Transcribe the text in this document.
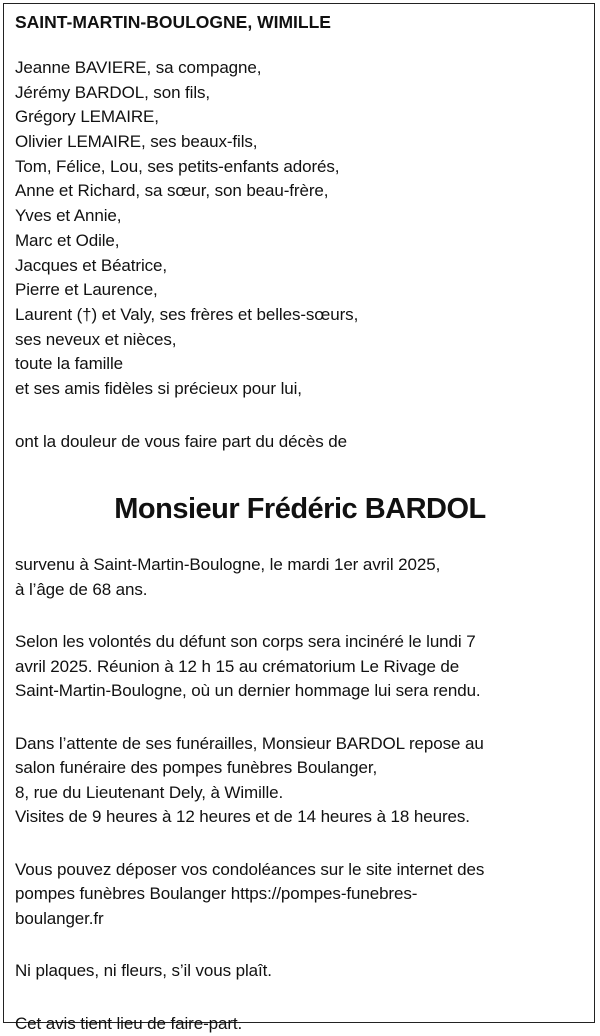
SAINT-MARTIN-BOULOGNE, WIMILLE
Jeanne BAVIERE, sa compagne,
Jérémy BARDOL, son fils,
Grégory LEMAIRE,
Olivier LEMAIRE, ses beaux-fils,
Tom, Félice, Lou, ses petits-enfants adorés,
Anne et Richard, sa sœur, son beau-frère,
Yves et Annie,
Marc et Odile,
Jacques et Béatrice,
Pierre et Laurence,
Laurent (†) et Valy, ses frères et belles-sœurs,
ses neveux et nièces,
toute la famille
et ses amis fidèles si précieux pour lui,

ont la douleur de vous faire part du décès de

Monsieur Frédéric BARDOL

survenu à Saint-Martin-Boulogne, le mardi 1er avril 2025,
à l’âge de 68 ans.

Selon les volontés du défunt son corps sera incinéré le lundi 7
avril 2025. Réunion à 12 h 15 au crématorium Le Rivage de
Saint-Martin-Boulogne, où un dernier hommage lui sera rendu.

Dans l’attente de ses funérailles, Monsieur BARDOL repose au
salon funéraire des pompes funèbres Boulanger,
8, rue du Lieutenant Dely, à Wimille.
Visites de 9 heures à 12 heures et de 14 heures à 18 heures.

Vous pouvez déposer vos condoléances sur le site internet des
pompes funèbres Boulanger https://pompes-funebres-
boulanger.fr

Ni plaques, ni fleurs, s’il vous plaît.

Cet avis tient lieu de faire-part.
